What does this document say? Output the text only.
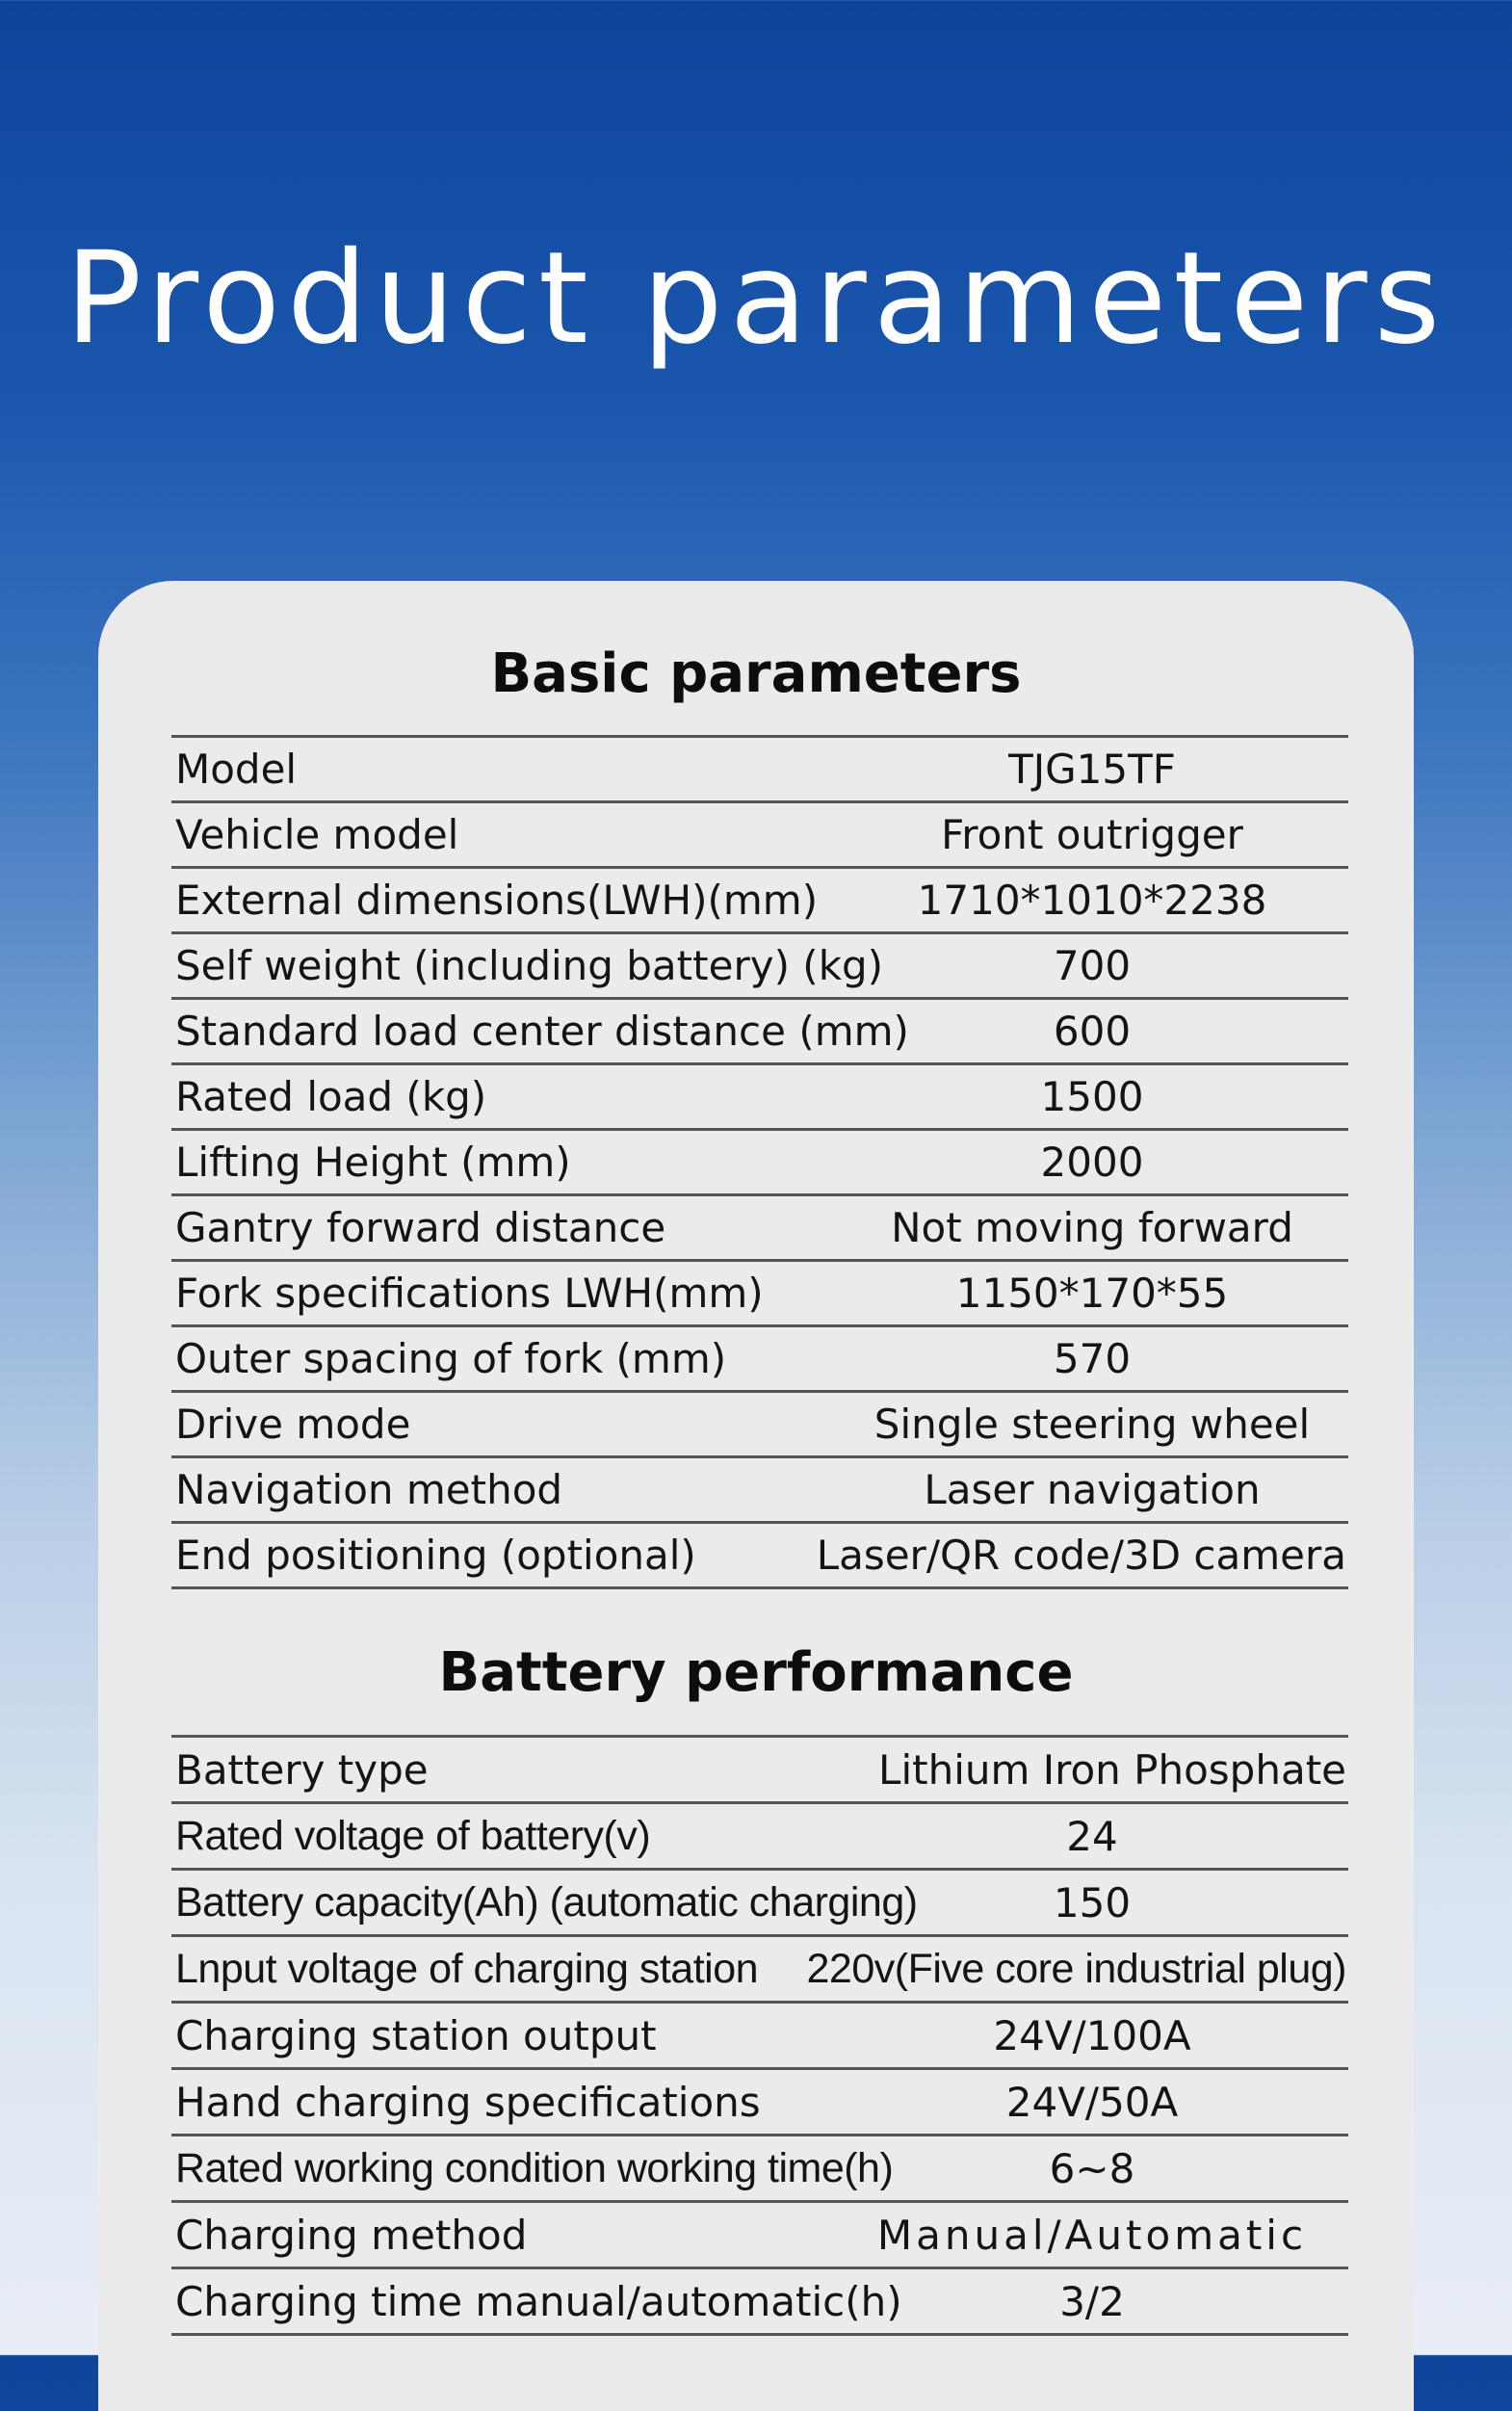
Product parameters
Basic parameters
Model	TJG15TF
Vehicle model	Front outrigger
External dimensions(LWH)(mm)	1710*1010*2238
Self weight (including battery) (kg)	700
Standard load center distance (mm)	600
Rated load (kg)	1500
Lifting Height (mm)	2000
Gantry forward distance	Not moving forward
Fork specifications LWH(mm)	1150*170*55
Outer spacing of fork (mm)	570
Drive mode	Single steering wheel
Navigation method	Laser navigation
End positioning (optional)	Laser/QR code/3D camera
Battery performance
Battery type	Lithium Iron Phosphate
Rated voltage of battery(v)	24
Battery capacity(Ah) (automatic charging)	150
Lnput voltage of charging station	220v(Five core industrial plug)
Charging station output	24V/100A
Hand charging specifications	24V/50A
Rated working condition working time(h)	6~8
Charging method	Manual/Automatic
Charging time manual/automatic(h)	3/2
